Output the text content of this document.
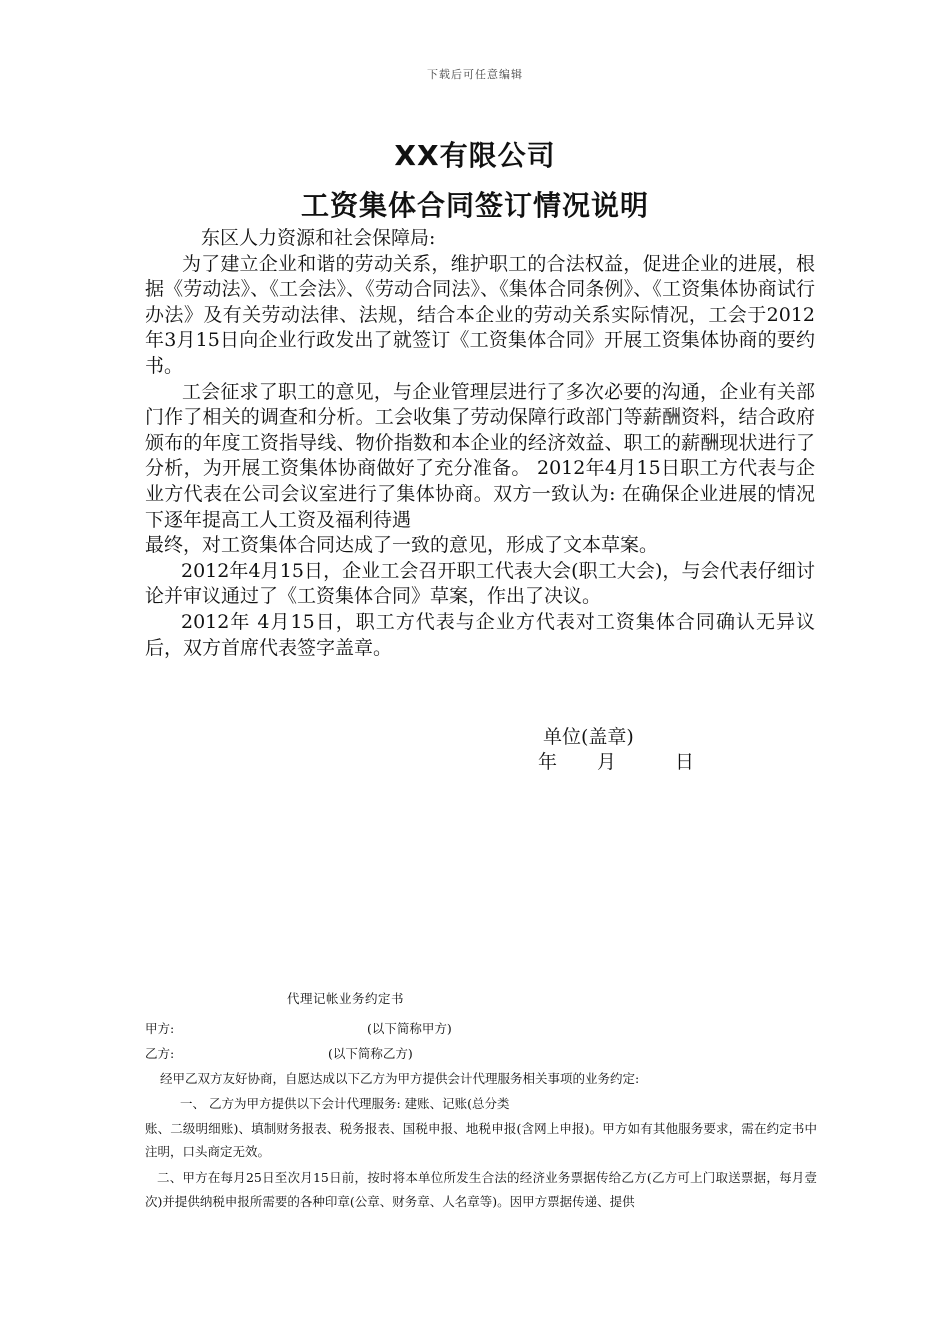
下载后可任意编辑
XX有限公司
工资集体合同签订情况说明

东区人力资源和社会保障局:

为了建立企业和谐的劳动关系，维护职工的合法权益，促进企业的进展，根据《劳动法》、《工会法》、《劳动合同法》、《集体合同条例》、《工资集体协商试行办法》及有关劳动法律、法规，结合本企业的劳动关系实际情况，工会于2012年3月15日向企业行政发出了就签订《工资集体合同》开展工资集体协商的要约书。

工会征求了职工的意见，与企业管理层进行了多次必要的沟通，企业有关部门作了相关的调查和分析。工会收集了劳动保障行政部门等薪酬资料，结合政府颁布的年度工资指导线、物价指数和本企业的经济效益、职工的薪酬现状进行了分析，为开展工资集体协商做好了充分准备。 2012年4月15日职工方代表与企业方代表在公司会议室进行了集体协商。双方一致认为: 在确保企业进展的情况下逐年提高工人工资及福利待遇

最终，对工资集体合同达成了一致的意见，形成了文本草案。

2012年4月15日，企业工会召开职工代表大会(职工大会)，与会代表仔细讨论并审议通过了《工资集体合同》草案，作出了决议。

2012年 4月15日，职工方代表与企业方代表对工资集体合同确认无异议后，双方首席代表签字盖章。

单位(盖章)
年 月	日
代理记帐业务约定书
甲方:	(以下简称甲方)
乙方:	(以下简称乙方)
经甲乙双方友好协商，自愿达成以下乙方为甲方提供会计代理服务相关事项的业务约定:
一、 乙方为甲方提供以下会计代理服务: 建账、记账(总分类
账、二级明细账)、填制财务报表、税务报表、国税申报、地税申报(含网上申报)。甲方如有其他服务要求，需在约定书中注明，口头商定无效。
二、甲方在每月25日至次月15日前，按时将本单位所发生合法的经济业务票据传给乙方(乙方可上门取送票据，每月壹次)并提供纳税申报所需要的各种印章(公章、财务章、人名章等)。因甲方票据传递、提供
